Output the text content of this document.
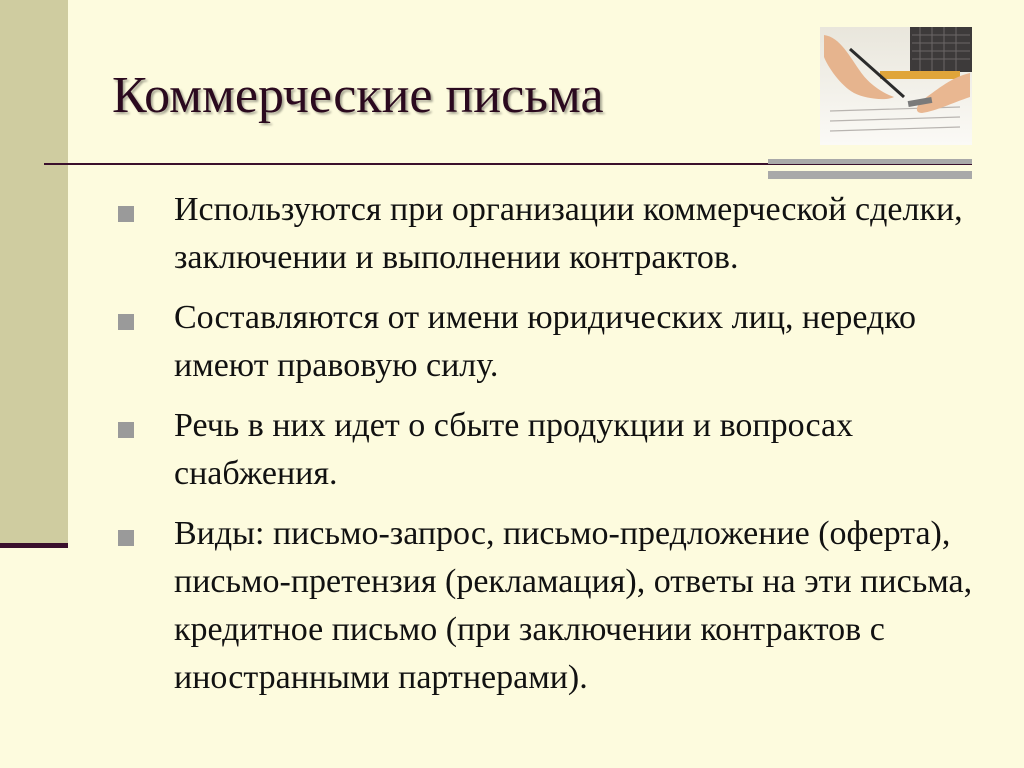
Коммерческие письма
Используются при организации коммерческой сделки, заключении и выполнении контрактов.
Составляются от имени юридических лиц, нередко имеют правовую силу.
Речь в них идет о сбыте продукции и вопросах снабжения.
Виды: письмо-запрос, письмо-предложение (оферта), письмо-претензия (рекламация), ответы на эти письма, кредитное письмо (при заключении контрактов с иностранными партнерами).
